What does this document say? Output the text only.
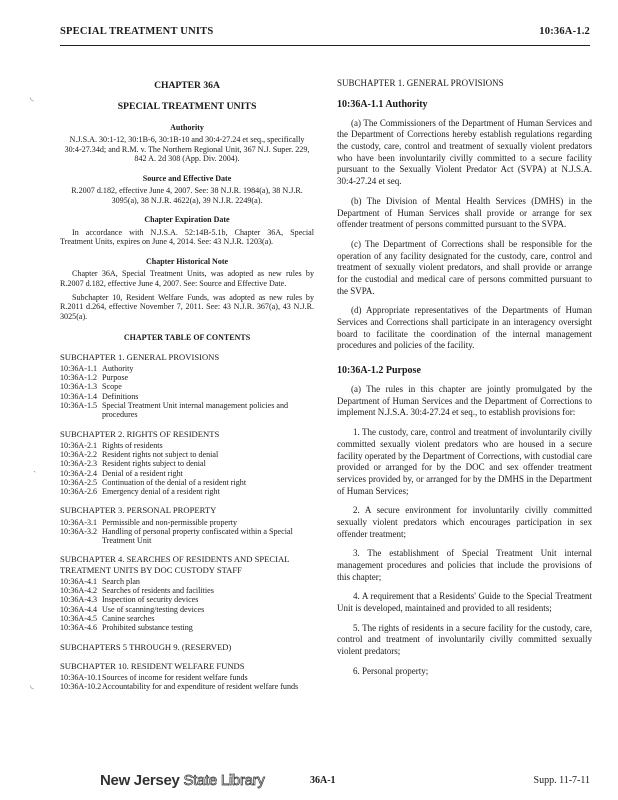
SPECIAL TREATMENT UNITS	10:36A-1.2
◟
ˎ
◟
CHAPTER 36A
SPECIAL TREATMENT UNITS
Authority
N.J.S.A. 30:1-12, 30:1B-6, 30:1B-10 and 30:4-27.24 et seq., specifically 30:4-27.34d; and R.M. v. The Northern Regional Unit, 367 N.J. Super. 229, 842 A. 2d 308 (App. Div. 2004).
Source and Effective Date
R.2007 d.182, effective June 4, 2007. See: 38 N.J.R. 1984(a), 38 N.J.R. 3095(a), 38 N.J.R. 4622(a), 39 N.J.R. 2249(a).
Chapter Expiration Date
In accordance with N.J.S.A. 52:14B-5.1b, Chapter 36A, Special Treatment Units, expires on June 4, 2014. See: 43 N.J.R. 1203(a).
Chapter Historical Note
Chapter 36A, Special Treatment Units, was adopted as new rules by R.2007 d.182, effective June 4, 2007. See: Source and Effective Date.
Subchapter 10, Resident Welfare Funds, was adopted as new rules by R.2011 d.264, effective November 7, 2011. See: 43 N.J.R. 367(a), 43 N.J.R. 3025(a).
CHAPTER TABLE OF CONTENTS
SUBCHAPTER 1. GENERAL PROVISIONS
10:36A-1.1 Authority
10:36A-1.2 Purpose
10:36A-1.3 Scope
10:36A-1.4 Definitions
10:36A-1.5 Special Treatment Unit internal management policies and procedures
SUBCHAPTER 2. RIGHTS OF RESIDENTS
10:36A-2.1 Rights of residents
10:36A-2.2 Resident rights not subject to denial
10:36A-2.3 Resident rights subject to denial
10:36A-2.4 Denial of a resident right
10:36A-2.5 Continuation of the denial of a resident right
10:36A-2.6 Emergency denial of a resident right
SUBCHAPTER 3. PERSONAL PROPERTY
10:36A-3.1 Permissible and non-permissible property
10:36A-3.2 Handling of personal property confiscated within a Special Treatment Unit
SUBCHAPTER 4. SEARCHES OF RESIDENTS AND SPECIAL TREATMENT UNITS BY DOC CUSTODY STAFF
10:36A-4.1 Search plan
10:36A-4.2 Searches of residents and facilities
10:36A-4.3 Inspection of security devices
10:36A-4.4 Use of scanning/testing devices
10:36A-4.5 Canine searches
10:36A-4.6 Prohibited substance testing
SUBCHAPTERS 5 THROUGH 9. (RESERVED)
SUBCHAPTER 10. RESIDENT WELFARE FUNDS
10:36A-10.1 Sources of income for resident welfare funds
10:36A-10.2 Accountability for and expenditure of resident welfare funds
SUBCHAPTER 1. GENERAL PROVISIONS
10:36A-1.1 Authority

(a) The Commissioners of the Department of Human Services and the Department of Corrections hereby establish regulations regarding the custody, care, control and treatment of sexually violent predators who have been involuntarily civilly committed to a secure facility pursuant to the Sexually Violent Predator Act (SVPA) at N.J.S.A. 30:4-27.24 et seq.

(b) The Division of Mental Health Services (DMHS) in the Department of Human Services shall provide or arrange for sex offender treatment of persons committed pursuant to the SVPA.

(c) The Department of Corrections shall be responsible for the operation of any facility designated for the custody, care, control and treatment of sexually violent predators, and shall provide or arrange for the custodial and medical care of persons committed pursuant to the SVPA.

(d) Appropriate representatives of the Departments of Human Services and Corrections shall participate in an interagency oversight board to facilitate the coordination of the internal management procedures and policies of the facility.

10:36A-1.2 Purpose

(a) The rules in this chapter are jointly promulgated by the Department of Human Services and the Department of Corrections to implement N.J.S.A. 30:4-27.24 et seq., to establish provisions for:

1. The custody, care, control and treatment of involuntarily civilly committed sexually violent predators who are housed in a secure facility operated by the Department of Corrections, with custodial care provided or arranged for by the DOC and sex offender treatment services provided by, or arranged for by the DMHS in the Department of Human Services;

2. A secure environment for involuntarily civilly committed sexually violent predators which encourages participation in sex offender treatment;

3. The establishment of Special Treatment Unit internal management procedures and policies that include the provisions of this chapter;

4. A requirement that a Residents' Guide to the Special Treatment Unit is developed, maintained and provided to all residents;

5. The rights of residents in a secure facility for the custody, care, control and treatment of involuntarily civilly committed sexually violent predators;

6. Personal property;

New Jersey State Library	36A-1	Supp. 11-7-11
